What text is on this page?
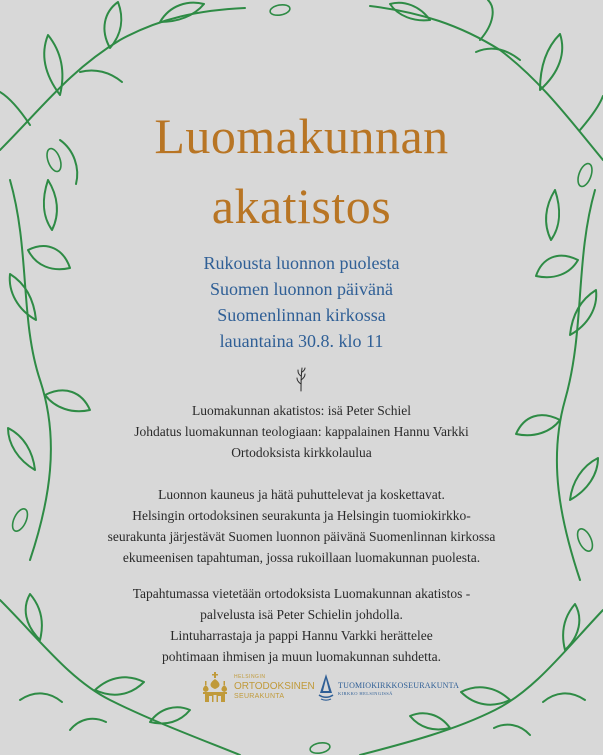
Luomakunnan
akatistos
Rukousta luonnon puolesta
Suomen luonnon päivänä
Suomenlinnan kirkossa
lauantaina 30.8. klo 11
Luomakunnan akatistos: isä Peter Schiel
Johdatus luomakunnan teologiaan: kappalainen Hannu Varkki
Ortodoksista kirkkolaulua
Luonnon kauneus ja hätä puhuttelevat ja koskettavat.
Helsingin ortodoksinen seurakunta ja Helsingin tuomiokirkko-
seurakunta järjestävät Suomen luonnon päivänä Suomenlinnan kirkossa
ekumeenisen tapahtuman, jossa rukoillaan luomakunnan puolesta.
Tapahtumassa vietetään ortodoksista Luomakunnan akatistos -
palvelusta isä Peter Schielin johdolla.
Lintuharrastaja ja pappi Hannu Varkki herättelee
pohtimaan ihmisen ja muun luomakunnan suhdetta.
HELSINGIN
ORTODOKSINEN
SEURAKUNTA
TUOMIOKIRKKOSEURAKUNTA
KIRKKO HELSINGISSÄ
